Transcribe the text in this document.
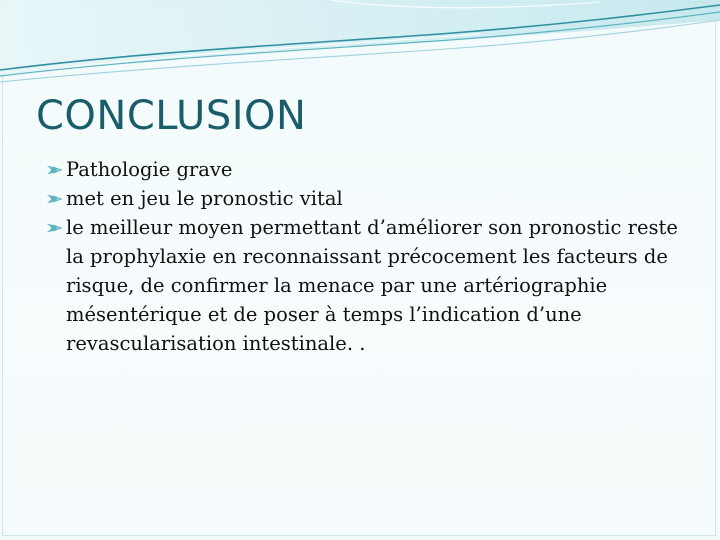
CONCLUSION
Pathologie grave
met en jeu le pronostic vital
le meilleur moyen permettant d’améliorer son pronostic reste la prophylaxie en reconnaissant précocement les facteurs de risque, de confirmer la menace par une artériographie mésentérique et de poser à temps l’indication d’une revascularisation intestinale. .
